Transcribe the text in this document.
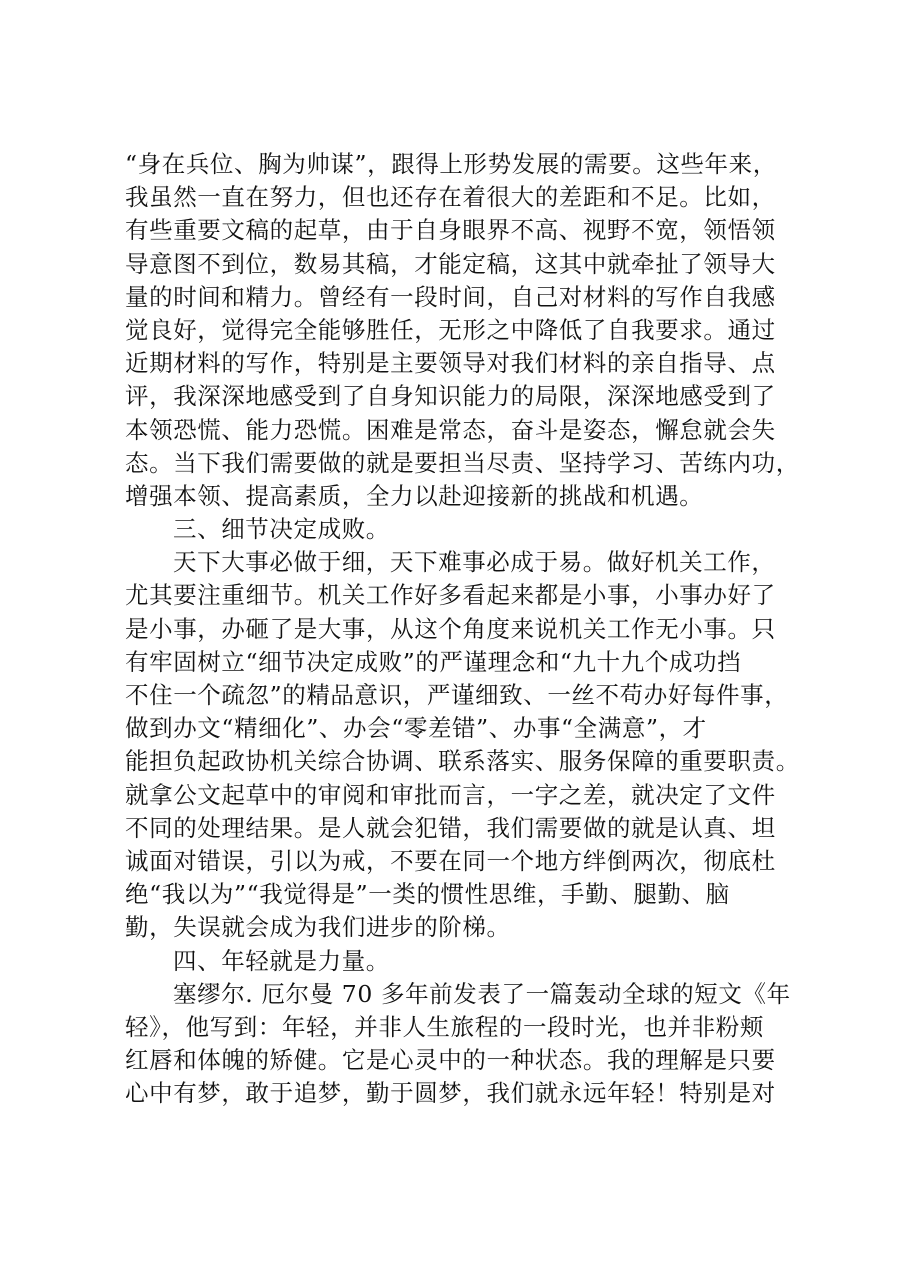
“身在兵位、胸为帅谋”，跟得上形势发展的需要。这些年来，
我虽然一直在努力，但也还存在着很大的差距和不足。比如，
有些重要文稿的起草，由于自身眼界不高、视野不宽，领悟领
导意图不到位，数易其稿，才能定稿，这其中就牵扯了领导大
量的时间和精力。曾经有一段时间，自己对材料的写作自我感
觉良好，觉得完全能够胜任，无形之中降低了自我要求。通过
近期材料的写作，特别是主要领导对我们材料的亲自指导、点
评，我深深地感受到了自身知识能力的局限，深深地感受到了
本领恐慌、能力恐慌。困难是常态，奋斗是姿态，懈怠就会失
态。当下我们需要做的就是要担当尽责、坚持学习、苦练内功，
增强本领、提高素质，全力以赴迎接新的挑战和机遇。
三、细节决定成败。
天下大事必做于细，天下难事必成于易。做好机关工作，
尤其要注重细节。机关工作好多看起来都是小事，小事办好了
是小事，办砸了是大事，从这个角度来说机关工作无小事。只
有牢固树立“细节决定成败”的严谨理念和“九十九个成功挡
不住一个疏忽”的精品意识，严谨细致、一丝不苟办好每件事，
做到办文“精细化”、办会“零差错”、办事“全满意”，才
能担负起政协机关综合协调、联系落实、服务保障的重要职责。
就拿公文起草中的审阅和审批而言，一字之差，就决定了文件
不同的处理结果。是人就会犯错，我们需要做的就是认真、坦
诚面对错误，引以为戒，不要在同一个地方绊倒两次，彻底杜
绝“我以为”“我觉得是”一类的惯性思维，手勤、腿勤、脑
勤，失误就会成为我们进步的阶梯。
四、年轻就是力量。
塞缪尔. 厄尔曼 70 多年前发表了一篇轰动全球的短文《年
轻》，他写到：年轻，并非人生旅程的一段时光，也并非粉颊
红唇和体魄的矫健。它是心灵中的一种状态。我的理解是只要
心中有梦，敢于追梦，勤于圆梦，我们就永远年轻！特别是对
